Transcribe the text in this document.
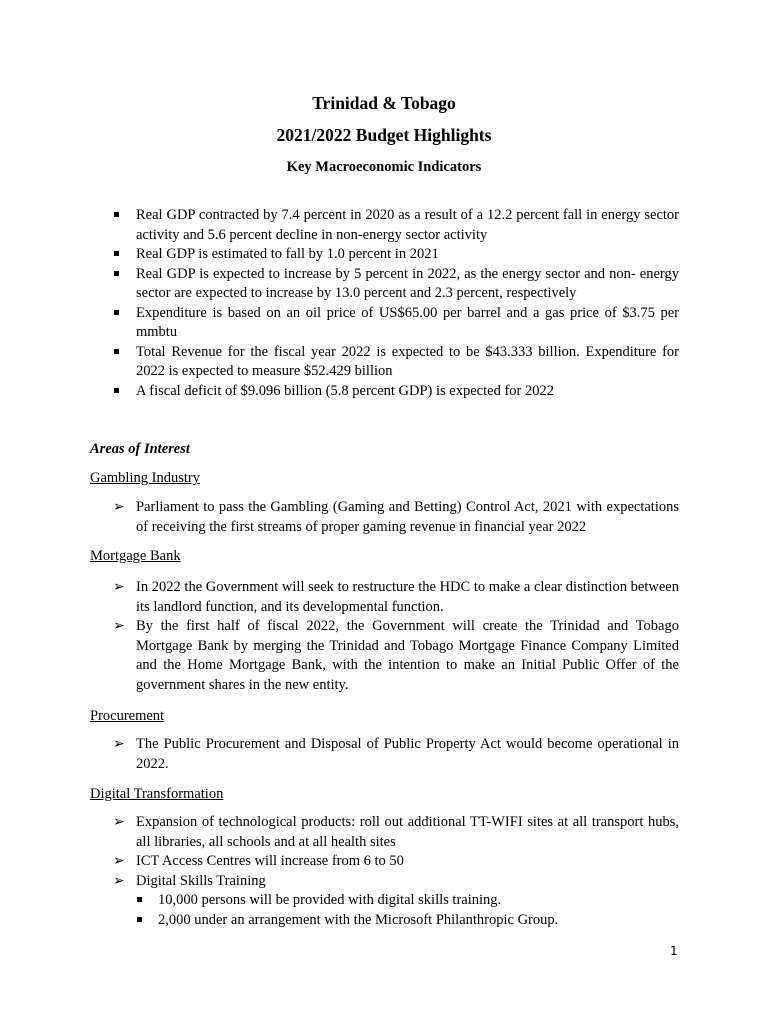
Trinidad & Tobago
2021/2022 Budget Highlights
Key Macroeconomic Indicators
Real GDP contracted by 7.4 percent in 2020 as a result of a 12.2 percent fall in energy sector activity and 5.6 percent decline in non-energy sector activity
Real GDP is estimated to fall by 1.0 percent in 2021
Real GDP is expected to increase by 5 percent in 2022, as the energy sector and non- energy sector are expected to increase by 13.0 percent and 2.3 percent, respectively
Expenditure is based on an oil price of US$65.00 per barrel and a gas price of $3.75 per mmbtu
Total Revenue for the fiscal year 2022 is expected to be $43.333 billion. Expenditure for 2022 is expected to measure $52.429 billion
A fiscal deficit of $9.096 billion (5.8 percent GDP) is expected for 2022
Areas of Interest
Gambling Industry
➢ Parliament to pass the Gambling (Gaming and Betting) Control Act, 2021 with expectations of receiving the first streams of proper gaming revenue in financial year 2022
Mortgage Bank
➢ In 2022 the Government will seek to restructure the HDC to make a clear distinction between its landlord function, and its developmental function.
➢ By the first half of fiscal 2022, the Government will create the Trinidad and Tobago Mortgage Bank by merging the Trinidad and Tobago Mortgage Finance Company Limited and the Home Mortgage Bank, with the intention to make an Initial Public Offer of the government shares in the new entity.
Procurement
➢ The Public Procurement and Disposal of Public Property Act would become operational in 2022.
Digital Transformation
➢ Expansion of technological products: roll out additional TT-WIFI sites at all transport hubs, all libraries, all schools and at all health sites
➢ ICT Access Centres will increase from 6 to 50
➢ Digital Skills Training
10,000 persons will be provided with digital skills training.
2,000 under an arrangement with the Microsoft Philanthropic Group.
1
